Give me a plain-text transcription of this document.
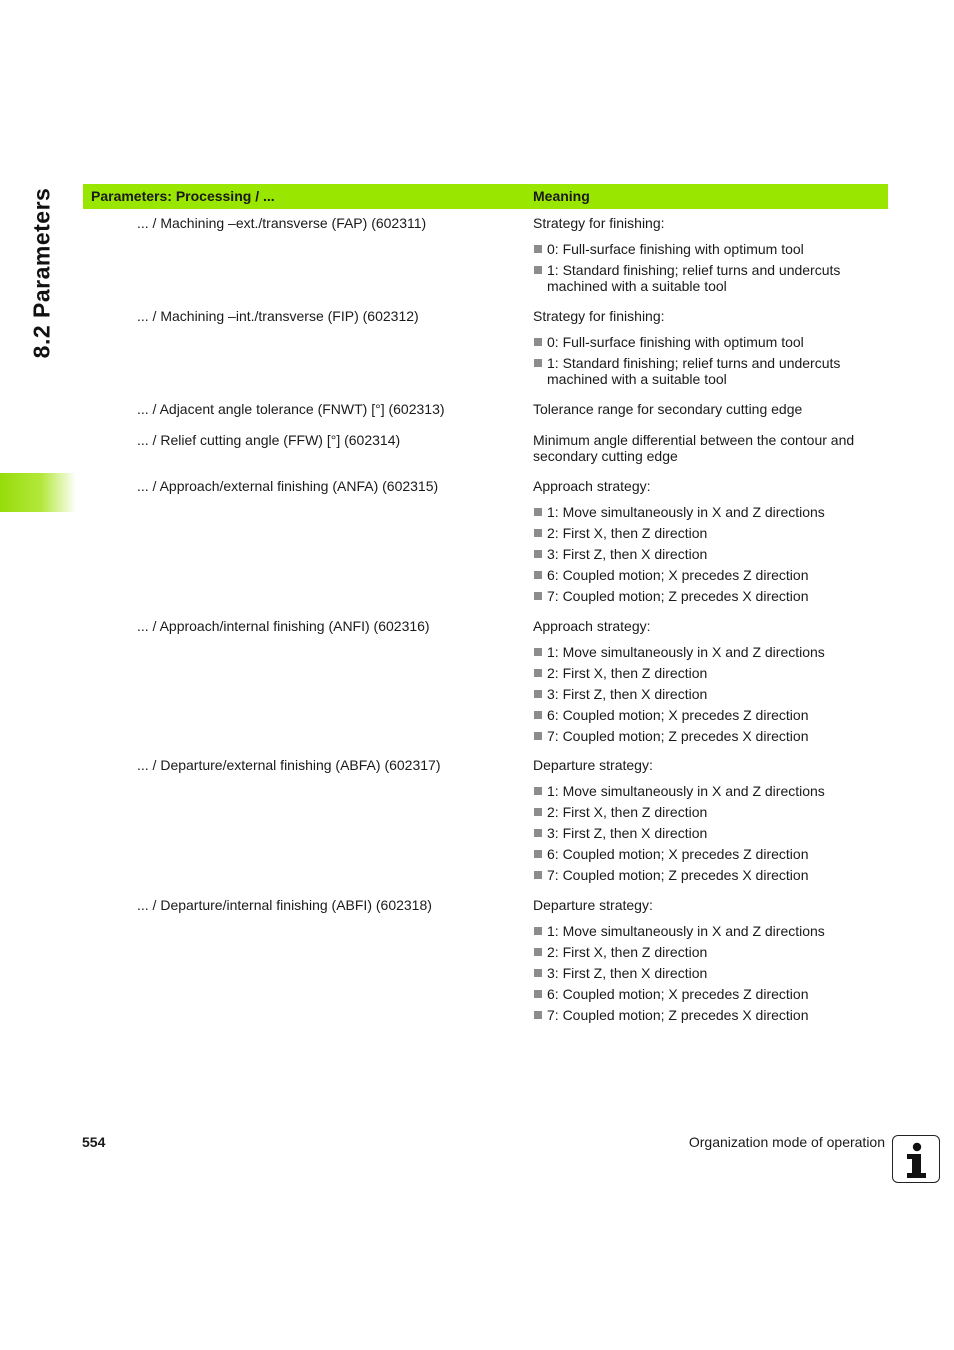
8.2 Parameters	Parameters: Processing / ...	Meaning
... / Machining –ext./transverse (FAP) (602311)	Strategy for finishing:

0: Full-surface finishing with optimum tool
1: Standard finishing; relief turns and undercuts machined with a suitable tool
... / Machining –int./transverse (FIP) (602312)	Strategy for finishing:

0: Full-surface finishing with optimum tool
1: Standard finishing; relief turns and undercuts machined with a suitable tool
... / Adjacent angle tolerance (FNWT) [°] (602313)	Tolerance range for secondary cutting edge

... / Relief cutting angle (FFW) [°] (602314)	Minimum angle differential between the contour and secondary cutting edge

... / Approach/external finishing (ANFA) (602315)	Approach strategy:

1: Move simultaneously in X and Z directions
2: First X, then Z direction
3: First Z, then X direction
6: Coupled motion; X precedes Z direction
7: Coupled motion; Z precedes X direction
... / Approach/internal finishing (ANFI) (602316)	Approach strategy:

1: Move simultaneously in X and Z directions
2: First X, then Z direction
3: First Z, then X direction
6: Coupled motion; X precedes Z direction
7: Coupled motion; Z precedes X direction
... / Departure/external finishing (ABFA) (602317)	Departure strategy:

1: Move simultaneously in X and Z directions
2: First X, then Z direction
3: First Z, then X direction
6: Coupled motion; X precedes Z direction
7: Coupled motion; Z precedes X direction
... / Departure/internal finishing (ABFI) (602318)	Departure strategy:

1: Move simultaneously in X and Z directions
2: First X, then Z direction
3: First Z, then X direction
6: Coupled motion; X precedes Z direction
7: Coupled motion; Z precedes X direction
554	Organization mode of operation
